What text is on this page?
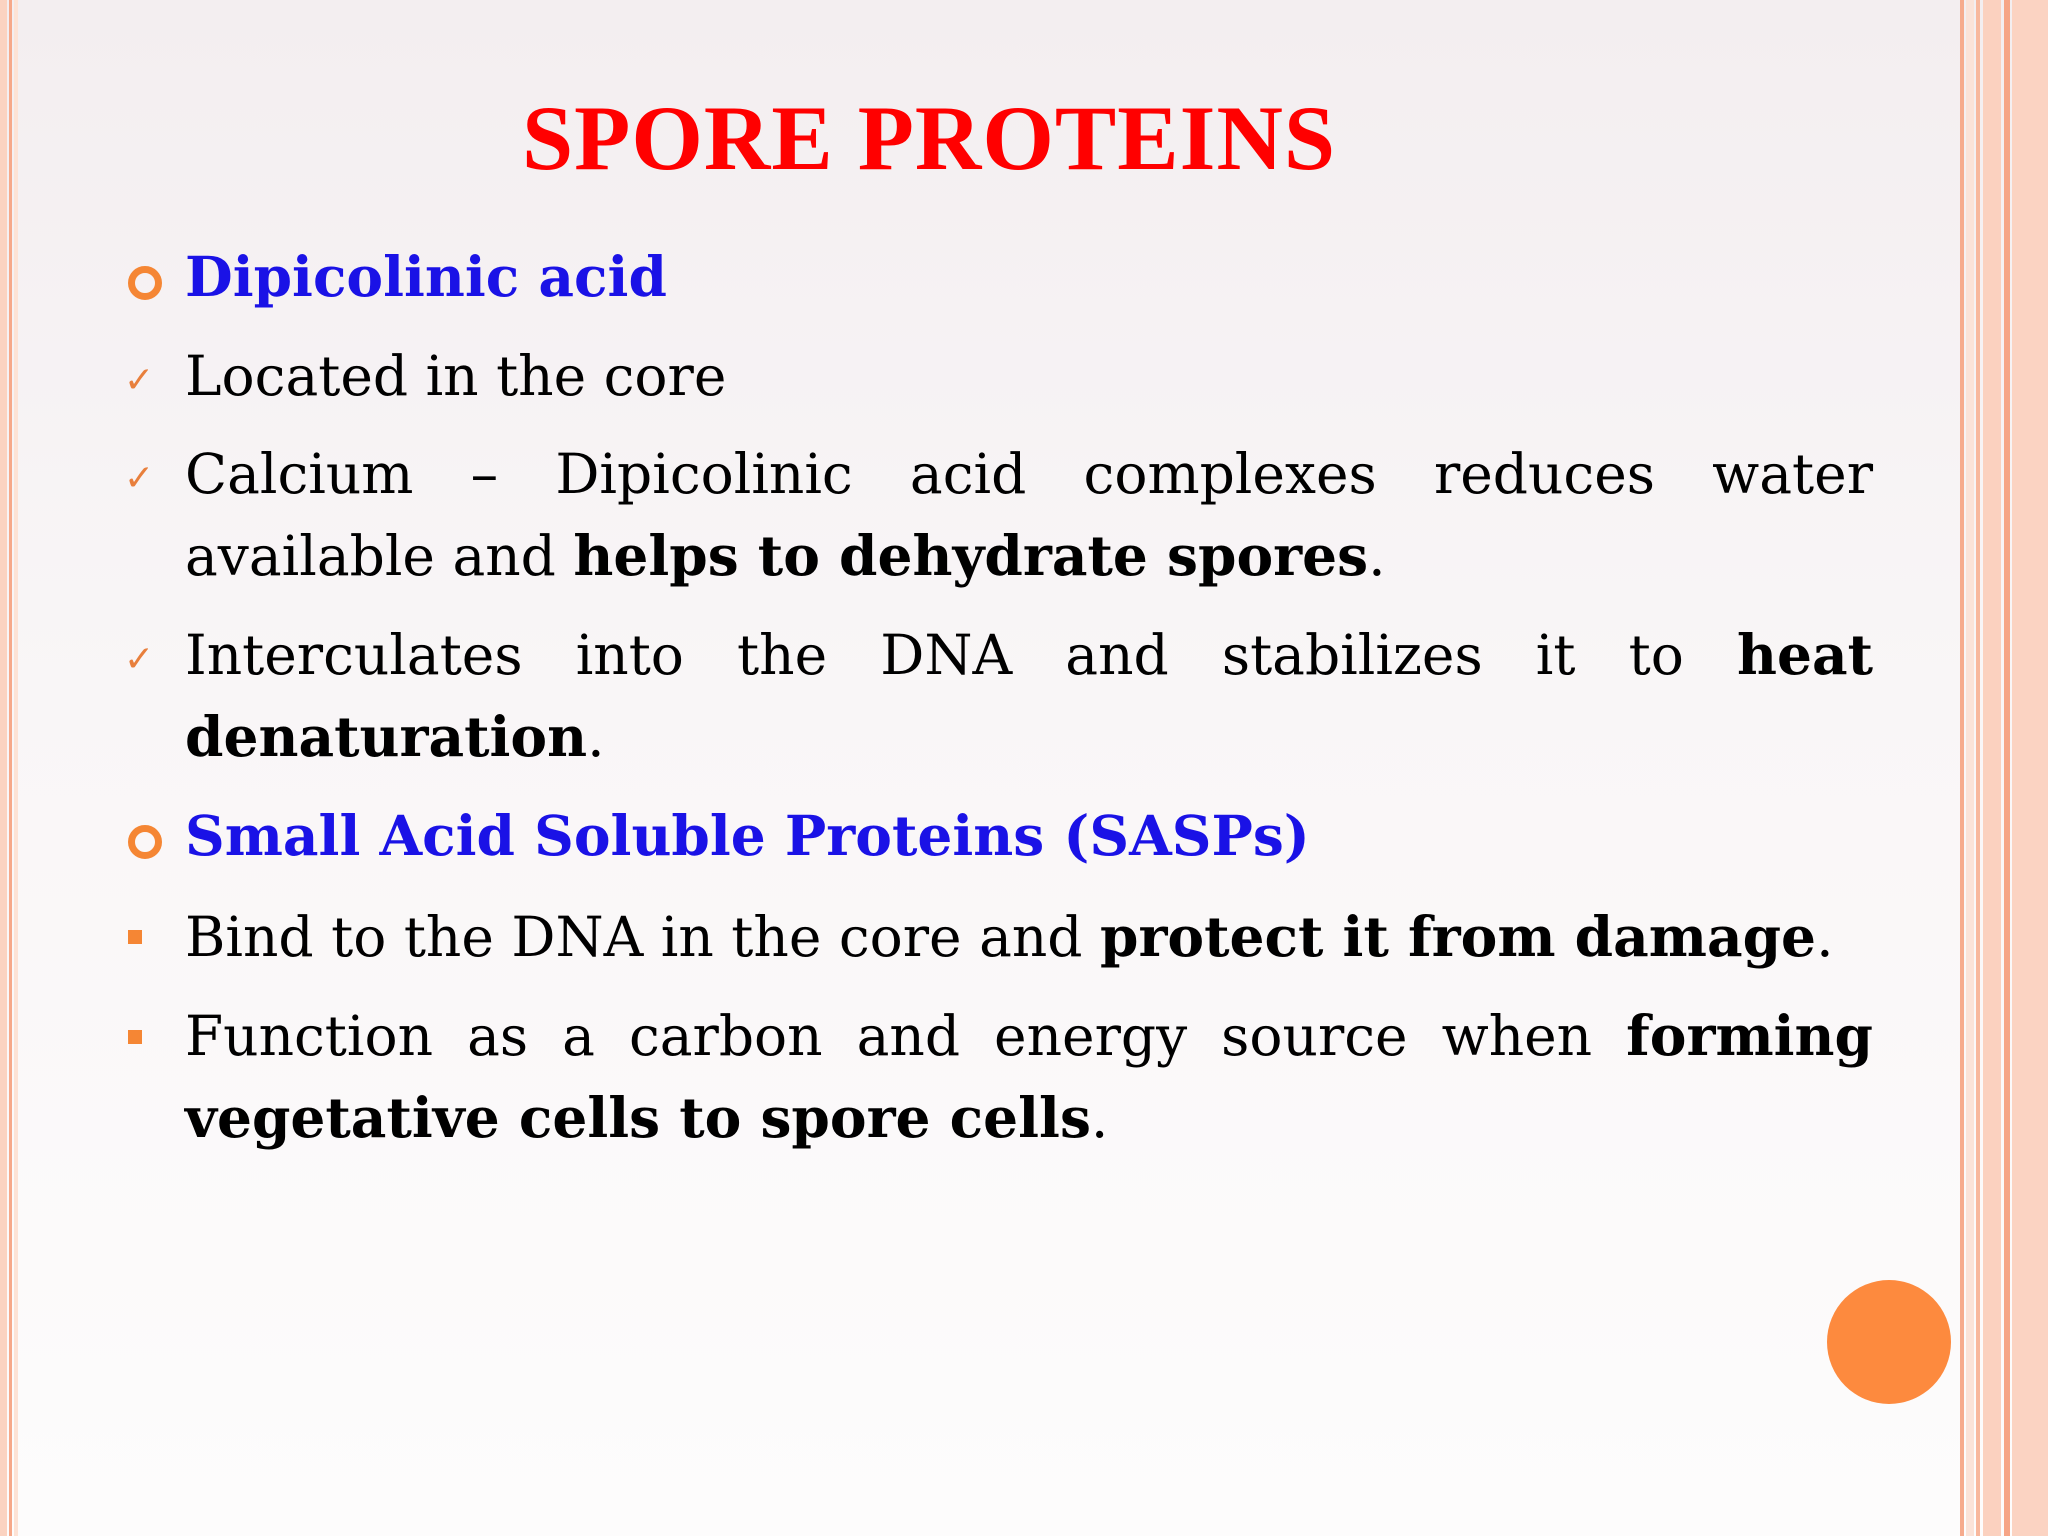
SPORE PROTEINS
Dipicolinic acid
✓ Located in the core
✓ Calcium – Dipicolinic acid complexes reduces water available and helps to dehydrate spores.
✓ Interculates into the DNA and stabilizes it to heat denaturation.
Small Acid Soluble Proteins (SASPs)
Bind to the DNA in the core and protect it from damage.
Function as a carbon and energy source when forming vegetative cells to spore cells.
